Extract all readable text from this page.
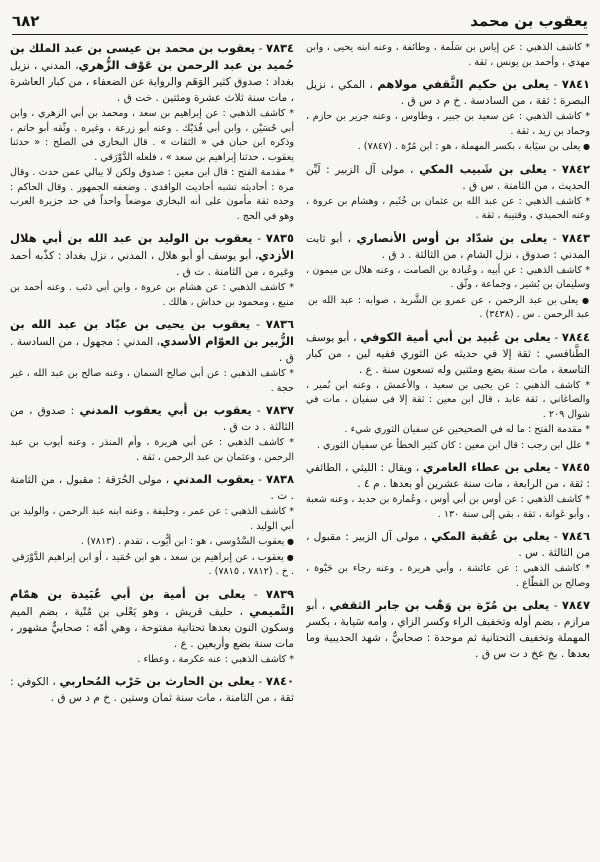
يعقوب بن محمد
٦٨٢

٧٨٣٤ - يعقوب بن محمد بن عيسى بن عبد الملك بن حُميد بن عبد الرحمن بن عَوْف الزُّهري، المدني ، نزيل بغداد : صدوق كثير الوَهَم والرواية عن الضعفاء ، من كبار العاشرة ، مات سنة ثلاث عشرة ومئتين . خت ق .

* كاشف الذهبي : عن إبراهيم بن سعد ، ومحمد بن أبي الزهري ، وابن أبي حُسَيْن ، وابن أبي فُدَيْك . وعنه أبو زرعة ، وغيره . وثّقه أبو حاتم ، وذكره ابن حبان في « الثقات » . قال البخاري في الصلح : « حدثنا يعقوب ، حدثنا إبراهيم بن سعد » ، فلعله الدَّوْرَقي .

* مقدمة الفتح : قال ابن معين : صدوق ولكن لا يبالي عمن حدث . وقال مرة : أحاديثه تشبه أحاديث الواقدي . وضعفه الجمهور . وقال الحاكم : وحده ثقة مأمون على أنه البخاري موضعاً واحداً في حد جزيرة العرب وهو في الحج .

٧٨٣٥ - يعقوب بن الوليد بن عبد الله بن أبي هلال الأزدي، أبو يوسف أو أبو هلال ، المدني ، نزل بغداد : كذّبه أحمد وغيره ، من الثامنة . ت ق .

* كاشف الذهبي : عن هشام بن عروة ، وابن أبي ذئب . وعنه أحمد بن منيع ، ومحمود بن خداش ، هالك .

٧٨٣٦ - يعقوب بن يحيى بن عبّاد بن عبد الله بن الزُّبير بن العوّام الأسدي، المدني : مجهول ، من السادسة . ق .

* كاشف الذهبي : عن أبي صالح السمان ، وعنه صالح بن عبد الله ، غير حجة .

٧٨٣٧ - يعقوب بن أبي يعقوب المدني : صدوق ، من الثالثة . د ت ق .

* كاشف الذهبي : عن أبي هريرة ، وأم المنذر ، وعنه أيوب بن عبد الرحمن ، وعثمان بن عبد الرحمن ، ثقة .

٧٨٣٨ - يعقوب المدني ، مولى الحُرَقة : مقبول ، من الثامنة . ت .

* كاشف الذهبي : عن عمر ، وحليفة ، وعنه ابنه عبد الرحمن ، والوليد بن أبي الوليد .

● يعقوب السَّدُوسي ، هو : ابن أيُّوب ، تقدم . (٧٨١٣) .

● يعقوب ، عن إبراهيم بن سعد ، هو ابن حُمَيد ، أو ابن إبراهيم الدَّوْرَقي . خ . (٧٨١٢ ، ٧٨١٥) .

٧٨٣٩ - يعلى بن أمية بن أبي عُبَيدة بن همّام التَّميمي ، حليف قريش ، وهو يَعْلى بن مُنْية ، بضم الميم وسكون النون بعدها تحتانية مفتوحة ، وهي أمّه : صحابيٌّ مشهور ، مات سنة بضع وأربعين . ع .

* كاشف الذهبي : عنه عكرمة ، وعطاء .

٧٨٤٠ - يعلى بن الحارث بن حَرْب المُحاربي ، الكوفي : ثقة ، من الثامنة ، مات سنة ثمان وستين . خ م د س ق .

* كاشف الذهبي : عن إياس بن سَلَمة ، وطائفة ، وعنه ابنه يحيى ، وابن مهدي ، وأحمد بن يونس ، ثقة .

٧٨٤١ - يعلى بن حكيم الثَّقفي مولاهم ، المكي ، نزيل البصرة : ثقة ، من السادسة . خ م د س ق .

* كاشف الذهبي : عن سعيد بن جبير ، وطاوس ، وعنه جرير بن حازم ، وحماد بن زيد ، ثقة .

● يعلى بن سيَابة ، بكسر المهملة ، هو : ابن مُرّة . (٧٨٤٧) .

٧٨٤٢ - يعلى بن شَبيب المكي ، مولى آل الزبير : لَيِّن الحديث ، من الثامنة . س ق .

* كاشف الذهبي : عن عبد الله بن عثمان بن خُثَيم ، وهشام بن عروة ، وعنه الحميدي ، وقتيبة ، ثقة .

٧٨٤٣ - يعلى بن شدّاد بن أوس الأنصاري ، أبو ثابت المدني : صدوق ، نزل الشام ، من الثالثة . د ق .

* كاشف الذهبي : عن أبيه ، وعُبادة بن الصامت ، وعنه هلال بن ميمون ، وسليمان بن بُشير ، وجماعة ، وثّق .

● يعلى بن عبد الرحمن ، عن عمرو بن الشَّريد ، صوابه : عبد الله بن عبد الرحمن . س . (٣٤٣٨) .

٧٨٤٤ - يعلى بن عُبيد بن أبي أمية الكوفي ، أبو يوسف الطَّنافسي : ثقة إلا في حديثه عن الثوري ففيه لين ، من كبار التاسعة ، مات سنة بضع ومئتين وله تسعون سنة . ع .

* كاشف الذهبي : عن يحيى بن سعيد ، والأعمش ، وعنه ابن نُمير ، والصاغاني ، ثقة عابد ، قال ابن معين : ثقة إلا في سفيان ، مات في شوال ٢٠٩ .

* مقدمة الفتح : ما له في الصحيحين عن سفيان الثوري شيء .

* علل ابن رجب : قال ابن معين : كان كثير الخطأ عن سفيان الثوري .

٧٨٤٥ - يعلى بن عطاء العامري ، ويقال : الليثي ، الطائفي : ثقة ، من الرابعة ، مات سنة عشرين أو بعدها . م ٤ .

* كاشف الذهبي : عن أوس بن أبي أوس ، وعُمارة بن حديد ، وعنه شعبة ، وأبو عَوانة ، ثقة ، بقي إلى سنة ١٣٠ .

٧٨٤٦ - يعلى بن عُقبة المكي ، مولى آل الزبير : مقبول ، من الثالثة . س .

* كاشف الذهبي : عن عائشة ، وأبي هريرة ، وعنه رجاء بن حَيْوة ، وصالح بن القطّاع .

٧٨٤٧ - يعلى بن مُرّة بن وَهْب بن جابر الثقفي ، أبو مرازم ، بضم أوله وتخفيف الراء وكسر الزاي ، وأمه سَيابة ، بكسر المهملة وتخفيف التحتانية ثم موحدة : صحابيٌّ ، شهد الحديبية وما بعدها . بخ عخ د ت س ق .
